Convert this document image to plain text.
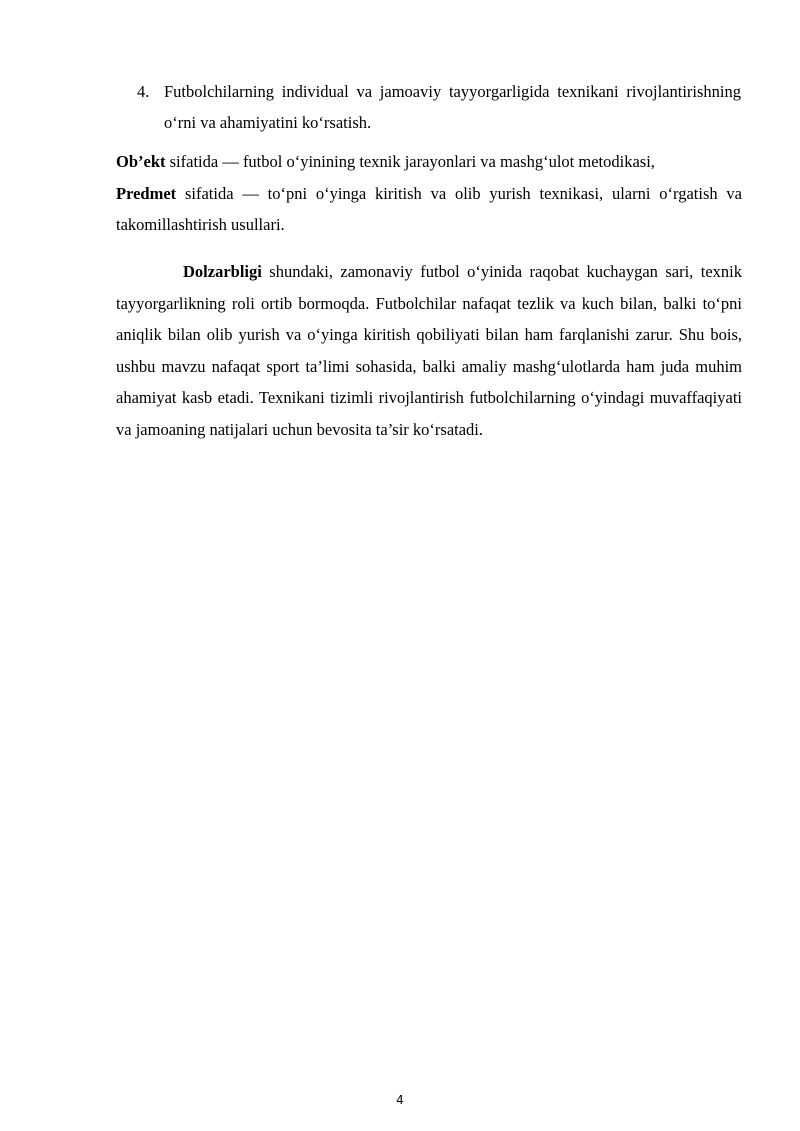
4. Futbolchilarning individual va jamoaviy tayyorgarligida texnikani rivojlantirishning o‘rni va ahamiyatini ko‘rsatish.

Ob’ekt sifatida — futbol o‘yinining texnik jarayonlari va mashg‘ulot metodikasi,
Predmet sifatida — to‘pni o‘yinga kiritish va olib yurish texnikasi, ularni o‘rgatish va takomillashtirish usullari.

Dolzarbligi shundaki, zamonaviy futbol o‘yinida raqobat kuchaygan sari, texnik tayyorgarlikning roli ortib bormoqda. Futbolchilar nafaqat tezlik va kuch bilan, balki to‘pni aniqlik bilan olib yurish va o‘yinga kiritish qobiliyati bilan ham farqlanishi zarur. Shu bois, ushbu mavzu nafaqat sport ta’limi sohasida, balki amaliy mashg‘ulotlarda ham juda muhim ahamiyat kasb etadi. Texnikani tizimli rivojlantirish futbolchilarning o‘yindagi muvaffaqiyati va jamoaning natijalari uchun bevosita ta’sir ko‘rsatadi.

4
